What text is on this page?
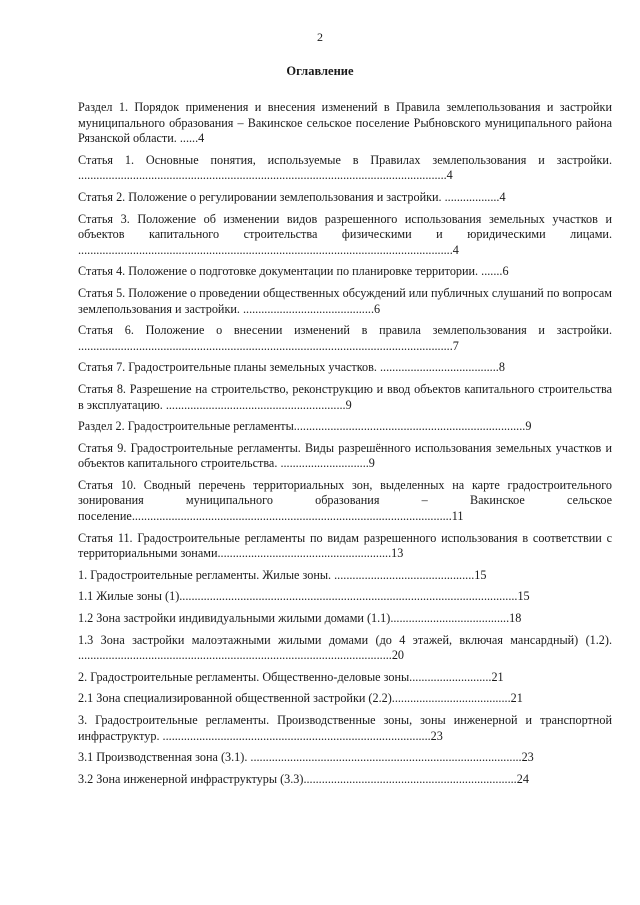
2
Оглавление
Раздел 1. Порядок применения и внесения изменений в Правила землепользования и застройки муниципального образования – Вакинское сельское поселение Рыбновского муниципального района Рязанской области. ......4
Статья 1. Основные понятия, используемые в Правилах землепользования и застройки. .........................................................................................................................4
Статья 2. Положение о регулировании землепользования и застройки. ..................4
Статья 3. Положение об изменении видов разрешенного использования земельных участков и объектов капитального строительства физическими и юридическими лицами. ...........................................................................................................................4
Статья 4. Положение о подготовке документации по планировке территории. .......6
Статья 5. Положение о проведении общественных обсуждений или публичных слушаний по вопросам землепользования и застройки. ...........................................6
Статья 6. Положение о внесении изменений в правила землепользования и застройки. ...........................................................................................................................7
Статья 7. Градостроительные планы земельных участков. .......................................8
Статья 8. Разрешение на строительство, реконструкцию и ввод объектов капитального строительства в эксплуатацию. ...........................................................9
Раздел 2. Градостроительные регламенты............................................................................9
Статья 9. Градостроительные регламенты. Виды разрешённого использования земельных участков и объектов капитального строительства. .............................9
Статья 10. Сводный перечень территориальных зон, выделенных на карте градостроительного зонирования муниципального образования – Вакинское сельское поселение.........................................................................................................11
Статья 11. Градостроительные регламенты по видам разрешенного использования в соответствии с территориальными зонами.........................................................13
1. Градостроительные регламенты. Жилые зоны. ..............................................15
1.1 Жилые зоны (1)...............................................................................................................15
1.2 Зона застройки индивидуальными жилыми домами (1.1).......................................18
1.3 Зона застройки малоэтажными жилыми домами (до 4 этажей, включая мансардный) (1.2). .......................................................................................................20
2. Градостроительные регламенты. Общественно-деловые зоны...........................21
2.1 Зона специализированной общественной застройки (2.2).......................................21
3. Градостроительные регламенты. Производственные зоны, зоны инженерной и транспортной инфраструктур. ........................................................................................23
3.1 Производственная зона (3.1). .........................................................................................23
3.2 Зона инженерной инфраструктуры (3.3)......................................................................24
